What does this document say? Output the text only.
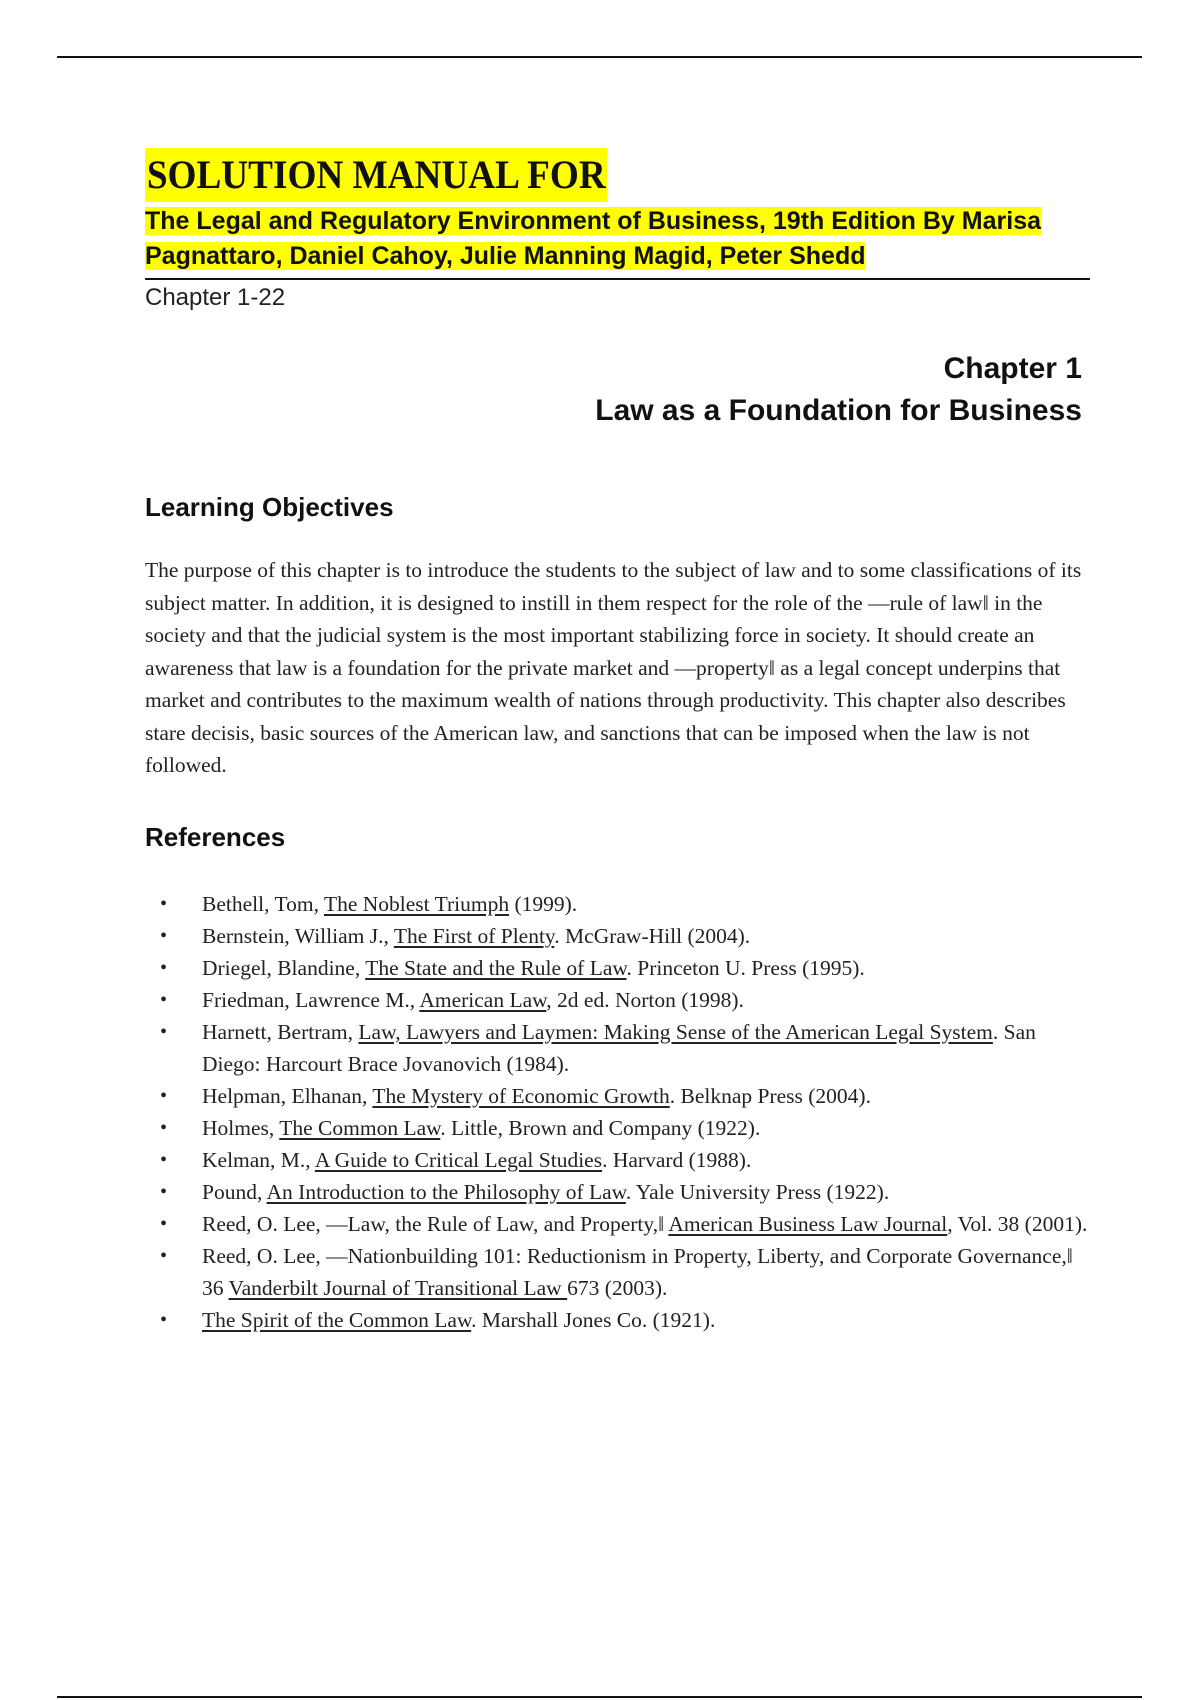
SOLUTION MANUAL FOR
The Legal and Regulatory Environment of Business, 19th Edition By Marisa
Pagnattaro, Daniel Cahoy, Julie Manning Magid, Peter Shedd
Chapter 1-22
Chapter 1
Law as a Foundation for Business
Learning Objectives

The purpose of this chapter is to introduce the students to the subject of law and to some classifications of its subject matter. In addition, it is designed to instill in them respect for the role of the —rule of law‖ in the society and that the judicial system is the most important stabilizing force in society. It should create an awareness that law is a foundation for the private market and —property‖ as a legal concept underpins that market and contributes to the maximum wealth of nations through productivity. This chapter also describes stare decisis, basic sources of the American law, and sanctions that can be imposed when the law is not followed.

References
• Bethell, Tom, The Noblest Triumph (1999).
• Bernstein, William J., The First of Plenty. McGraw-Hill (2004).
• Driegel, Blandine, The State and the Rule of Law. Princeton U. Press (1995).
• Friedman, Lawrence M., American Law, 2d ed. Norton (1998).
• Harnett, Bertram, Law, Lawyers and Laymen: Making Sense of the American Legal System. San Diego: Harcourt Brace Jovanovich (1984).
• Helpman, Elhanan, The Mystery of Economic Growth. Belknap Press (2004).
• Holmes, The Common Law. Little, Brown and Company (1922).
• Kelman, M., A Guide to Critical Legal Studies. Harvard (1988).
• Pound, An Introduction to the Philosophy of Law. Yale University Press (1922).
• Reed, O. Lee, —Law, the Rule of Law, and Property,‖ American Business Law Journal, Vol. 38 (2001).
• Reed, O. Lee, —Nationbuilding 101: Reductionism in Property, Liberty, and Corporate Governance,‖ 36 Vanderbilt Journal of Transitional Law 673 (2003).
• The Spirit of the Common Law. Marshall Jones Co. (1921).
